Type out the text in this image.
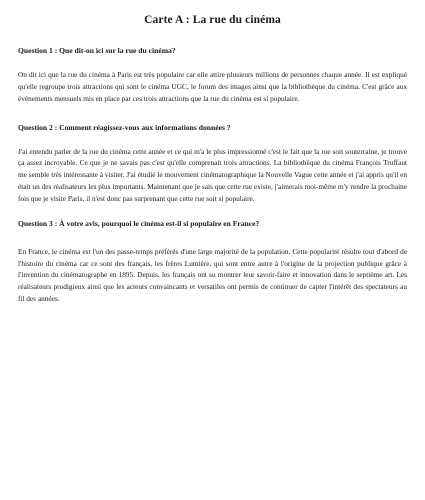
Carte A : La rue du cinéma

Question 1 : Que dit-on ici sur la rue du cinéma?

On dit ici que la rue du cinéma à Paris est très populaire car elle attire plusieurs millions de personnes chaque année. Il est expliqué qu'elle regroupe trois attractions qui sont le cinéma UGC, le forum des images ainsi que la bibliothèque du cinéma. C'est grâce aux événements mensuels mis en place par ces trois attractions que la rue du cinéma est si populaire.

Question 2 : Comment réagissez-vous aux informations données ?

J'ai entendu parler de la rue du cinéma cette année et ce qui m'a le plus impressionné c'est le fait que la rue soit souterraine, je trouve ça assez incroyable. Ce que je ne savais pas c'est qu'elle comprenait trois attractions. La bibliothèque du cinéma François Truffaut me semble très intéressante à visiter. J'ai étudié le mouvement cinématographique la Nouvelle Vague cette année et j'ai appris qu'il en était un des réalisateurs les plus importants. Maintenant que je sais que cette rue existe, j'aimerais moi-même m'y rendre la prochaine fois que je visite Paris, il n'est donc pas surprenant que cette rue soit si populaire.

Question 3 : À votre avis, pourquoi le cinéma est-il si populaire en France?

En France, le cinéma est l'un des passe-temps préférés d'une large majorité de la population. Cette popularité résulte tout d'abord de l'histoire du cinéma car ce sont des français, les frères Lumière, qui sont entre autre à l'origine de la projection publique grâce à l'invention du cinématographe en 1895. Depuis, les français ont su montrer leur savoir-faire et innovation dans le septième art. Les réalisateurs prodigieux ainsi que les acteurs convaincants et versatiles ont permis de continuer de capter l'intérêt des spectateurs au fil des années.
